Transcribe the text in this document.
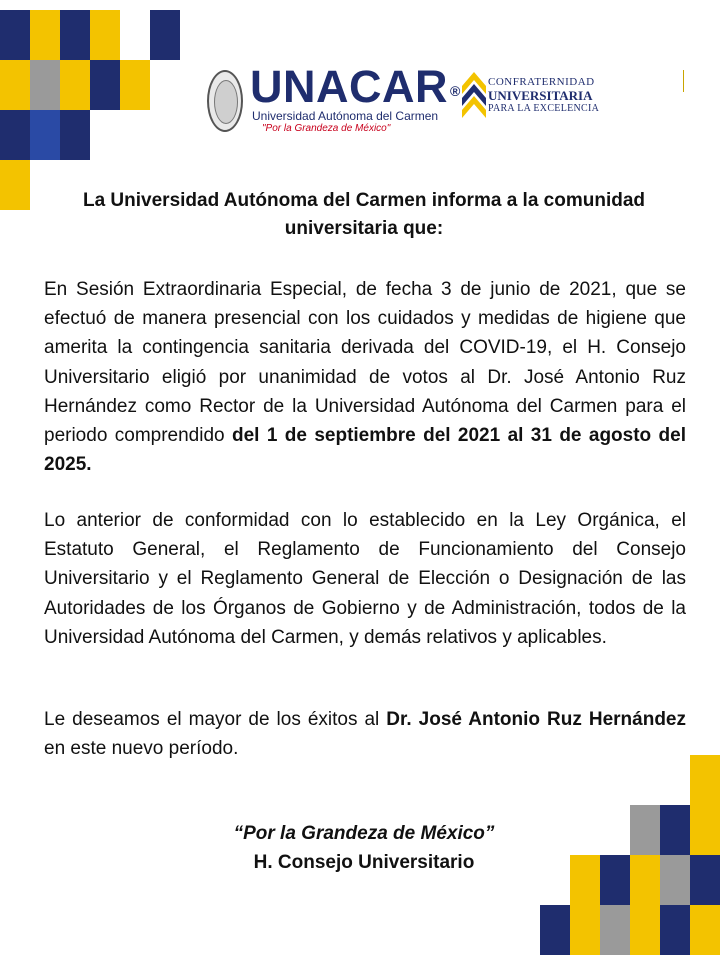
UNACAR ®
Universidad Autónoma del Carmen
"Por la Grandeza de México"
CONFRATERNIDAD
UNIVERSITARIA
PARA LA EXCELENCIA
La Universidad Autónoma del Carmen informa a la comunidad universitaria que:
En Sesión Extraordinaria Especial, de fecha 3 de junio de 2021, que se efectuó de manera presencial con los cuidados y medidas de higiene que amerita la contingencia sanitaria derivada del COVID-19, el H. Consejo Universitario eligió por unanimidad de votos al Dr. José Antonio Ruz Hernández como Rector de la Universidad Autónoma del Carmen para el periodo comprendido del 1 de septiembre del 2021 al 31 de agosto del 2025.
Lo anterior de conformidad con lo establecido en la Ley Orgánica, el Estatuto General, el Reglamento de Funcionamiento del Consejo Universitario y el Reglamento General de Elección o Designación de las Autoridades de los Órganos de Gobierno y de Administración, todos de la Universidad Autónoma del Carmen, y demás relativos y aplicables.
Le deseamos el mayor de los éxitos al Dr. José Antonio Ruz Hernández en este nuevo período.
“Por la Grandeza de México”
H. Consejo Universitario
